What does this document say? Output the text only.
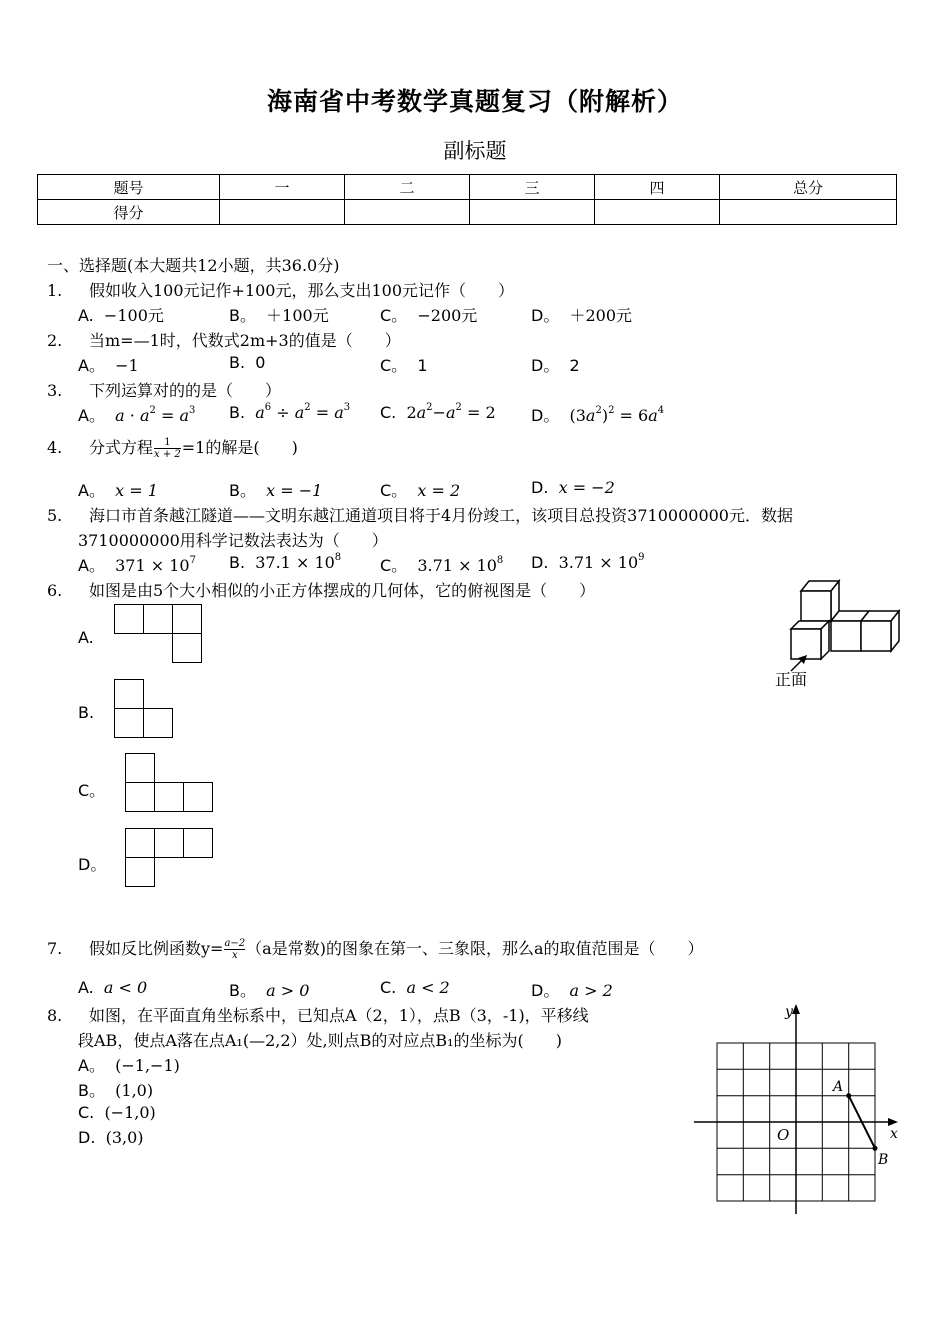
海南省中考数学真题复习（附解析）
副标题
题号	一	二	三	四	总分
得分					
一、选择题(本大题共12小题，共36.0分)
1. 假如收入100元记作+100元，那么支出100元记作（　　）
A. −100元	B。 ＋100元	C。 −200元	D。 ＋200元
2. 当m=—1时，代数式2m+3的值是（　　）
A。 −1	B. 0	C。 1	D。 2
3. 下列运算对的的是（　　）
A。 $a \cdot a^2 = a^3$ B. $a^6 \div a^2 = a^3$ C. $2a^2-a^2 = 2$ D。 $(3a^2)^2 = 6a^4$
4. 分式方程 $\frac{1}{x + 2} =1$的解是(　　)
A。 x = 1	B。 x = −1	C。 x = 2	D. x = −2
5. 海口市首条越江隧道——文明东越江通道项目将于4月份竣工，该项目总投资3710000000元．数据
3710000000用科学记数法表达为（　　）
A。 $371 \times 10^7$ B. $37.1 \times 10^8$ C。 $3.71 \times 10^8$ D. $3.71 \times 10^9$
6. 如图是由5个大小相似的小正方体摆成的几何体，它的俯视图是（　　）
正面
A.
B.
C。
D。
7. 假如反比例函数$y= \frac{a-2}{x} (a$是常数)的图象在第一、三象限，那么a的取值范围是（　　）
A. a < 0	B。 a > 0	C. a < 2	D。 a > 2
8. 如图，在平面直角坐标系中，已知点A（2，1），点B（3，-1)，平移线
段AB，使点A落在点A₁(—2,2）处,则点B的对应点B₁的坐标为(　　)
A。 (−1,−1)
B。 (1,0)
C. (−1,0)
D. (3,0)
y
x
O
A
B
